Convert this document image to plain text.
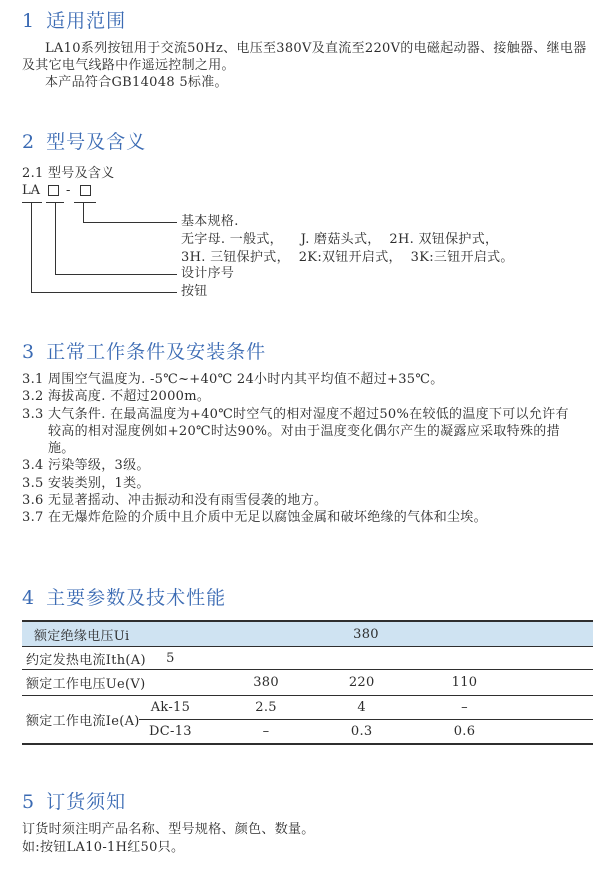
1 适用范围
LA10系列按钮用于交流50Hz、电压至380V及直流至220V的电磁起动器、接触器、继电器
及其它电气线路中作遥远控制之用。
本产品符合GB14048 5标准。
2 型号及含义
2.1 型号及含义
LA -
基本规格.
无字母. 一般式，    J. 磨菇头式，  2H. 双钮保护式，
3H. 三钮保护式，  2K:双钮开启式，  3K:三钮开启式。
设计序号
按钮
3 正常工作条件及安装条件
3.1 周围空气温度为. -5℃~+40℃ 24小时内其平均值不超过+35℃。
3.2 海拔高度. 不超过2000m。
3.3 大气条件. 在最高温度为+40℃时空气的相对湿度不超过50%在较低的温度下可以允许有
较高的相对湿度例如+20℃时达90%。对由于温度变化偶尔产生的凝露应采取特殊的措
施。
3.4 污染等级，3级。
3.5 安装类别，1类。
3.6 无显著摇动、冲击振动和没有雨雪侵袭的地方。
3.7 在无爆炸危险的介质中且介质中无足以腐蚀金属和破坏绝缘的气体和尘埃。
4 主要参数及技术性能
额定绝缘电压Ui	380				
约定发热电流Ith(A)	5				
额定工作电压Ue(V)		380	220	110	
额定工作电流Ie(A)	Ak-15	2.5	4	–	
	DC-13	–	0.3	0.6	
5 订货须知
订货时须注明产品名称、型号规格、颜色、数量。
如:按钮LA10-1H红50只。
